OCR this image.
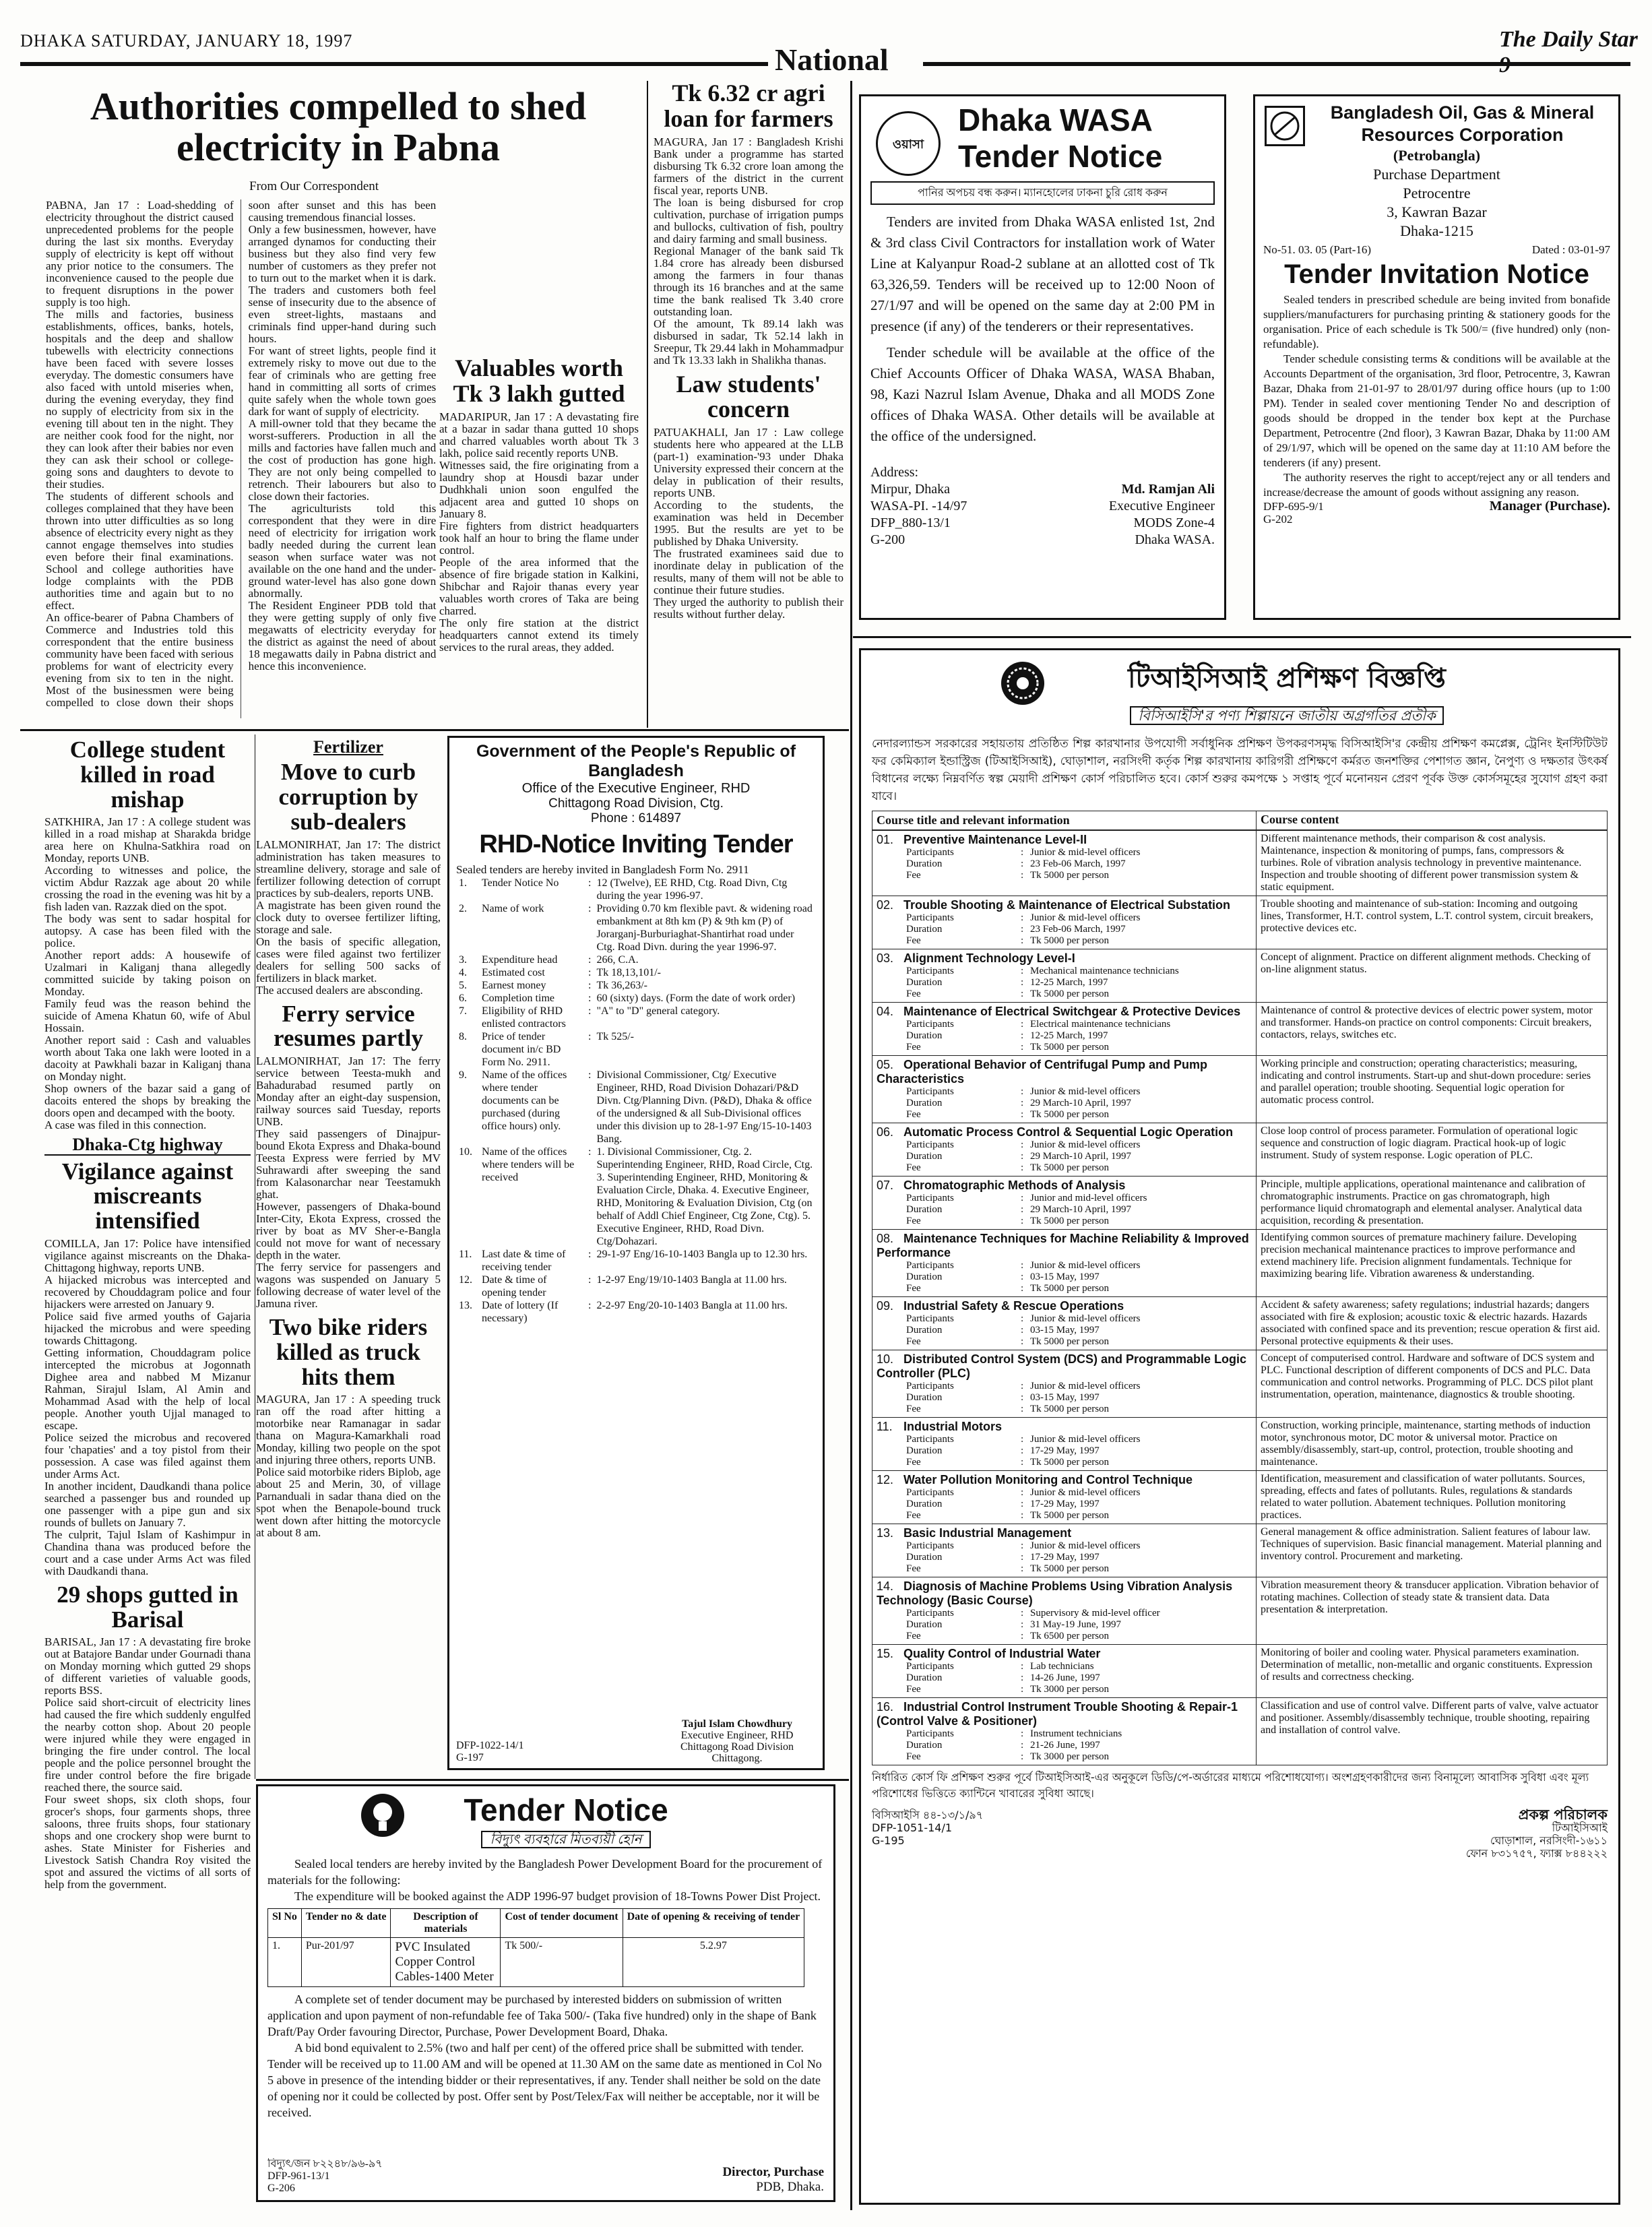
DHAKA SATURDAY, JANUARY 18, 1997
National
The Daily Star
Authorities compelled to shed electricity in Pabna
From Our Correspondent

PABNA, Jan 17 : Load-shedding of electricity throughout the district caused unprecedented problems for the people during the last six months. Everyday supply of electricity is kept off without any prior notice to the consumers. The inconvenience caused to the people due to frequent disruptions in the power supply is too high.

The mills and factories, business establishments, offices, banks, hotels, hospitals and the deep and shallow tubewells with electricity connections have been faced with severe losses everyday. The domestic consumers have also faced with untold miseries when, during the evening everyday, they find no supply of electricity from six in the evening till about ten in the night. They are neither cook food for the night, nor they can look after their babies nor even they can ask their school or college-going sons and daughters to devote to their studies.

The students of different schools and colleges complained that they have been thrown into utter difficulties as so long absence of electricity every night as they cannot engage themselves into studies even before their final examinations. School and college authorities have lodge complaints with the PDB authorities time and again but to no effect.

An office-bearer of Pabna Chambers of Commerce and Industries told this correspondent that the entire business community have been faced with serious problems for want of electricity every evening from six to ten in the night. Most of the businessmen were being compelled to close down their shops soon after sunset and this has been causing tremendous financial losses.

Only a few businessmen, however, have arranged dynamos for conducting their business but they also find very few number of customers as they prefer not to turn out to the market when it is dark. The traders and customers both feel sense of insecurity due to the absence of even street-lights, mastaans and criminals find upper-hand during such hours.

For want of street lights, people find it extremely risky to move out due to the fear of criminals who are getting free hand in committing all sorts of crimes quite safely when the whole town goes dark for want of supply of electricity.

A mill-owner told that they became the worst-sufferers. Production in all the mills and factories have fallen much and the cost of production has gone high. They are not only being compelled to retrench. Their labourers but also to close down their factories.

The agriculturists told this correspondent that they were in dire need of electricity for irrigation work badly needed during the current lean season when surface water was not available on the one hand and the under-ground water-level has also gone down abnormally.

The Resident Engineer PDB told that they were getting supply of only five megawatts of electricity everyday for the district as against the need of about 18 megawatts daily in Pabna district and hence this inconvenience.

Valuables worth Tk 3 lakh gutted

MADARIPUR, Jan 17 : A devastating fire at a bazar in sadar thana gutted 10 shops and charred valuables worth about Tk 3 lakh, police said recently reports UNB.

Witnesses said, the fire originating from a laundry shop at Housdi bazar under Dudhkhali union soon engulfed the adjacent area and gutted 10 shops on January 8.

Fire fighters from district headquarters took half an hour to bring the flame under control.

People of the area informed that the absence of fire brigade station in Kalkini, Shibchar and Rajoir thanas every year valuables worth crores of Taka are being charred.

The only fire station at the district headquarters cannot extend its timely services to the rural areas, they added.

Tk 6.32 cr agri loan for farmers

MAGURA, Jan 17 : Bangladesh Krishi Bank under a programme has started disbursing Tk 6.32 crore loan among the farmers of the district in the current fiscal year, reports UNB.

The loan is being disbursed for crop cultivation, purchase of irrigation pumps and bullocks, cultivation of fish, poultry and dairy farming and small business.

Regional Manager of the bank said Tk 1.84 crore has already been disbursed among the farmers in four thanas through its 16 branches and at the same time the bank realised Tk 3.40 crore outstanding loan.

Of the amount, Tk 89.14 lakh was disbursed in sadar, Tk 52.14 lakh in Sreepur, Tk 29.44 lakh in Mohammadpur and Tk 13.33 lakh in Shalikha thanas.

Law students' concern

PATUAKHALI, Jan 17 : Law college students here who appeared at the LLB (part-1) examination-'93 under Dhaka University expressed their concern at the delay in publication of their results, reports UNB.

According to the students, the examination was held in December 1995. But the results are yet to be published by Dhaka University.

The frustrated examinees said due to inordinate delay in publication of the results, many of them will not be able to continue their future studies.

They urged the authority to publish their results without further delay.

College student killed in road mishap

SATKHIRA, Jan 17 : A college student was killed in a road mishap at Sharakda bridge area here on Khulna-Satkhira road on Monday, reports UNB.

According to witnesses and police, the victim Abdur Razzak age about 20 while crossing the road in the evening was hit by a fish laden van. Razzak died on the spot.

The body was sent to sadar hospital for autopsy. A case has been filed with the police.

Another report adds: A housewife of Uzalmari in Kaliganj thana allegedly committed suicide by taking poison on Monday.

Family feud was the reason behind the suicide of Amena Khatun 60, wife of Abul Hossain.

Another report said : Cash and valuables worth about Taka one lakh were looted in a dacoity at Pawkhali bazar in Kaliganj thana on Monday night.

Shop owners of the bazar said a gang of dacoits entered the shops by breaking the doors open and decamped with the booty.

A case was filed in this connection.

Dhaka-Ctg highway
Vigilance against miscreants intensified

COMILLA, Jan 17: Police have intensified vigilance against miscreants on the Dhaka-Chittagong highway, reports UNB.

A hijacked microbus was intercepted and recovered by Chouddagram police and four hijackers were arrested on January 9.

Police said five armed youths of Gajaria hijacked the microbus and were speeding towards Chittagong.

Getting information, Chouddagram police intercepted the microbus at Jogonnath Dighee area and nabbed M Mizanur Rahman, Sirajul Islam, Al Amin and Mohammad Asad with the help of local people. Another youth Ujjal managed to escape.

Police seized the microbus and recovered four 'chapaties' and a toy pistol from their possession. A case was filed against them under Arms Act.

In another incident, Daudkandi thana police searched a passenger bus and rounded up one passenger with a pipe gun and six rounds of bullets on January 7.

The culprit, Tajul Islam of Kashimpur in Chandina thana was produced before the court and a case under Arms Act was filed with Daudkandi thana.

29 shops gutted in Barisal

BARISAL, Jan 17 : A devastating fire broke out at Batajore Bandar under Gournadi thana on Monday morning which gutted 29 shops of different varieties of valuable goods, reports BSS.

Police said short-circuit of electricity lines had caused the fire which suddenly engulfed the nearby cotton shop. About 20 people were injured while they were engaged in bringing the fire under control. The local people and the police personnel brought the fire under control before the fire brigade reached there, the source said.

Four sweet shops, six cloth shops, four grocer's shops, four garments shops, three saloons, three fruits shops, four stationary shops and one crockery shop were burnt to ashes. State Minister for Fisheries and Livestock Satish Chandra Roy visited the spot and assured the victims of all sorts of help from the government.

Fertilizer
Move to curb corruption by sub-dealers

LALMONIRHAT, Jan 17: The district administration has taken measures to streamline delivery, storage and sale of fertilizer following detection of corrupt practices by sub-dealers, reports UNB.

A magistrate has been given round the clock duty to oversee fertilizer lifting, storage and sale.

On the basis of specific allegation, cases were filed against two fertilizer dealers for selling 500 sacks of fertilizers in black market.

The accused dealers are absconding.

Ferry service resumes partly

LALMONIRHAT, Jan 17: The ferry service between Teesta-mukh and Bahadurabad resumed partly on Monday after an eight-day suspension, railway sources said Tuesday, reports UNB.

They said passengers of Dinajpur-bound Ekota Express and Dhaka-bound Teesta Express were ferried by MV Suhrawardi after sweeping the sand from Kalasonarchar near Teestamukh ghat.

However, passengers of Dhaka-bound Inter-City, Ekota Express, crossed the river by boat as MV Sher-e-Bangla could not move for want of necessary depth in the water.

The ferry service for passengers and wagons was suspended on January 5 following decrease of water level of the Jamuna river.

Two bike riders killed as truck hits them

MAGURA, Jan 17 : A speeding truck ran off the road after hitting a motorbike near Ramanagar in sadar thana on Magura-Kamarkhali road Monday, killing two people on the spot and injuring three others, reports UNB.

Police said motorbike riders Biplob, age about 25 and Merin, 30, of village Parnanduali in sadar thana died on the spot when the Benapole-bound truck went down after hitting the motorcycle at about 8 am.

Government of the People's Republic of Bangladesh
Office of the Executive Engineer, RHD
Chittagong Road Division, Ctg.
Phone : 614897
RHD-Notice Inviting Tender
Sealed tenders are hereby invited in Bangladesh Form No. 2911
1.	Tender Notice No	:	12 (Twelve), EE RHD, Ctg. Road Divn, Ctg during the year 1996-97.
2.	Name of work	:	Providing 0.70 km flexible pavt. & widening road embankment at 8th km (P) & 9th km (P) of Jorarganj-Burburiaghat-Shantirhat road under Ctg. Road Divn. during the year 1996-97.
3.	Expenditure head	:	266, C.A.
4.	Estimated cost	:	Tk 18,13,101/-
5.	Earnest money	:	Tk 36,263/-
6.	Completion time	:	60 (sixty) days. (Form the date of work order)
7.	Eligibility of RHD enlisted contractors	:	"A" to "D" general category.
8.	Price of tender document in/c BD Form No. 2911.	:	Tk 525/-
9.	Name of the offices where tender documents can be purchased (during office hours) only.	:	Divisional Commissioner, Ctg/ Executive Engineer, RHD, Road Division Dohazari/P&D Divn. Ctg/Planning Divn. (P&D), Dhaka & office of the undersigned & all Sub-Divisional offices under this division up to 28-1-97 Eng/15-10-1403 Bang.
10.	Name of the offices where tenders will be received	:	1. Divisional Commissioner, Ctg. 2. Superintending Engineer, RHD, Road Circle, Ctg. 3. Superintending Engineer, RHD, Monitoring & Evaluation Circle, Dhaka. 4. Executive Engineer, RHD, Monitoring & Evaluation Division, Ctg (on behalf of Addl Chief Engineer, Ctg Zone, Ctg). 5. Executive Engineer, RHD, Road Divn. Ctg/Dohazari.
11.	Last date & time of receiving tender	:	29-1-97 Eng/16-10-1403 Bangla up to 12.30 hrs.
12.	Date & time of opening tender	:	1-2-97 Eng/19/10-1403 Bangla at 11.00 hrs.
13.	Date of lottery (If necessary)	:	2-2-97 Eng/20-10-1403 Bangla at 11.00 hrs.
DFP-1022-14/1
G-197
Tajul Islam Chowdhury
Executive Engineer, RHD
Chittagong Road Division
Chittagong.
Tender Notice
বিদ্যুৎ ব্যবহারে মিতব্যয়ী হোন
Sealed local tenders are hereby invited by the Bangladesh Power Development Board for the procurement of materials for the following:
The expenditure will be booked against the ADP 1996-97 budget provision of 18-Towns Power Dist Project.
Sl No	Tender no & date	Description of materials	Cost of tender document	Date of opening & receiving of tender
1.	Pur-201/97	PVC Insulated Copper Control Cables-1400 Meter	Tk 500/-	5.2.97
A complete set of tender document may be purchased by interested bidders on submission of written application and upon payment of non-refundable fee of Taka 500/- (Taka five hundred) only in the shape of Bank Draft/Pay Order favouring Director, Purchase, Power Development Board, Dhaka.
A bid bond equivalent to 2.5% (two and half per cent) of the offered price shall be submitted with tender. Tender will be received up to 11.00 AM and will be opened at 11.30 AM on the same date as mentioned in Col No 5 above in presence of the intending bidder or their representatives, if any. Tender shall neither be sold on the date of opening nor it could be collected by post. Offer sent by Post/Telex/Fax will neither be acceptable, nor it will be received.
বিদ্যুৎ/জন ৮২২৪৮/৯৬-৯৭
DFP-961-13/1
G-206
Director, Purchase
PDB, Dhaka.
ওয়াসা
Dhaka WASA
Tender Notice
পানির অপচয় বন্ধ করুন। ম্যানহোলের ঢাকনা চুরি রোধ করুন
Tenders are invited from Dhaka WASA enlisted 1st, 2nd & 3rd class Civil Contractors for installation work of Water Line at Kalyanpur Road-2 sublane at an allotted cost of Tk 63,326,59. Tenders will be received up to 12:00 Noon of 27/1/97 and will be opened on the same day at 2:00 PM in presence (if any) of the tenderers or their representatives.
Tender schedule will be available at the office of the Chief Accounts Officer of Dhaka WASA, WASA Bhaban, 98, Kazi Nazrul Islam Avenue, Dhaka and all MODS Zone offices of Dhaka WASA. Other details will be available at the office of the undersigned.
Address:
Mirpur, Dhaka
WASA-PI. -14/97
DFP_880-13/1
G-200
Md. Ramjan Ali
Executive Engineer
MODS Zone-4
Dhaka WASA.
Bangladesh Oil, Gas & Mineral Resources Corporation
(Petrobangla)
Purchase Department
Petrocentre
3, Kawran Bazar
Dhaka-1215
No-51. 03. 05 (Part-16)	Dated : 03-01-97
Tender Invitation Notice
Sealed tenders in prescribed schedule are being invited from bonafide suppliers/manufacturers for purchasing printing & stationery goods for the organisation. Price of each schedule is Tk 500/= (five hundred) only (non-refundable).
Tender schedule consisting terms & conditions will be available at the Accounts Department of the organisation, 3rd floor, Petrocentre, 3, Kawran Bazar, Dhaka from 21-01-97 to 28/01/97 during office hours (up to 1:00 PM). Tender in sealed cover mentioning Tender No and description of goods should be dropped in the tender box kept at the Purchase Department, Petrocentre (2nd floor), 3 Kawran Bazar, Dhaka by 11:00 AM of 29/1/97, which will be opened on the same day at 11:10 AM before the tenderers (if any) present.
The authority reserves the right to accept/reject any or all tenders and increase/decrease the amount of goods without assigning any reason.
DFP-695-9/1
G-202
Manager (Purchase).
টিআইসিআই প্রশিক্ষণ বিজ্ঞপ্তি
বিসিআইসি'র পণ্য শিল্পায়নে জাতীয় অগ্রগতির প্রতীক
নেদারল্যান্ডস সরকারের সহায়তায় প্রতিষ্ঠিত শিল্প কারখানার উপযোগী সর্বাধুনিক প্রশিক্ষণ উপকরণসমৃদ্ধ বিসিআইসি'র কেন্দ্রীয় প্রশিক্ষণ কমপ্লেক্স, ট্রেনিং ইনস্টিটিউট ফর কেমিক্যাল ইন্ডাস্ট্রিজ (টিআইসিআই), ঘোড়াশাল, নরসিংদী কর্তৃক শিল্প কারখানায় কারিগরী প্রশিক্ষণে কর্মরত জনশক্তির পেশাগত জ্ঞান, নৈপুণ্য ও দক্ষতার উৎকর্ষ বিধানের লক্ষ্যে নিম্নবর্ণিত স্বল্প মেয়াদী প্রশিক্ষণ কোর্স পরিচালিত হবে। কোর্স শুরুর কমপক্ষে ১ সপ্তাহ পূর্বে মনোনয়ন প্রেরণ পূর্বক উক্ত কোর্সসমূহের সুযোগ গ্রহণ করা যাবে।
Course title and relevant information	Course content
01. Preventive Maintenance Level-II
Participants	: Junior & mid-level officers
Duration	: 23 Feb-06 March, 1997
Fee	: Tk 5000 per person
Different maintenance methods, their comparison & cost analysis. Maintenance, inspection & monitoring of pumps, fans, compressors & turbines. Role of vibration analysis technology in preventive maintenance. Inspection and trouble shooting of different power transmission system & static equipment.
02. Trouble Shooting & Maintenance of Electrical Substation
Participants	: Junior & mid-level officers
Duration	: 23 Feb-06 March, 1997
Fee	: Tk 5000 per person
Trouble shooting and maintenance of sub-station: Incoming and outgoing lines, Transformer, H.T. control system, L.T. control system, circuit breakers, protective devices etc.
03. Alignment Technology Level-I
Participants	: Mechanical maintenance technicians
Duration	: 12-25 March, 1997
Fee	: Tk 5000 per person
Concept of alignment. Practice on different alignment methods. Checking of on-line alignment status.
04. Maintenance of Electrical Switchgear & Protective Devices
Participants	: Electrical maintenance technicians
Duration	: 12-25 March, 1997
Fee	: Tk 5000 per person
Maintenance of control & protective devices of electric power system, motor and transformer. Hands-on practice on control components: Circuit breakers, contactors, relays, switches etc.
05. Operational Behavior of Centrifugal Pump and Pump Characteristics
Participants	: Junior & mid-level officers
Duration	: 29 March-10 April, 1997
Fee	: Tk 5000 per person
Working principle and construction; operating characteristics; measuring, indicating and control instruments. Start-up and shut-down procedure: series and parallel operation; trouble shooting. Sequential logic operation for automatic process control.
06. Automatic Process Control & Sequential Logic Operation
Participants	: Junior & mid-level officers
Duration	: 29 March-10 April, 1997
Fee	: Tk 5000 per person
Close loop control of process parameter. Formulation of operational logic sequence and construction of logic diagram. Practical hook-up of logic instrument. Study of system response. Logic operation of PLC.
07. Chromatographic Methods of Analysis
Participants	: Junior and mid-level officers
Duration	: 29 March-10 April, 1997
Fee	: Tk 5000 per person
Principle, multiple applications, operational maintenance and calibration of chromatographic instruments. Practice on gas chromatograph, high performance liquid chromatograph and elemental analyser. Analytical data acquisition, recording & presentation.
08. Maintenance Techniques for Machine Reliability & Improved Performance
Participants	: Junior & mid-level officers
Duration	: 03-15 May, 1997
Fee	: Tk 5000 per person
Identifying common sources of premature machinery failure. Developing precision mechanical maintenance practices to improve performance and extend machinery life. Precision alignment fundamentals. Technique for maximizing bearing life. Vibration awareness & understanding.
09. Industrial Safety & Rescue Operations
Participants	: Junior & mid-level officers
Duration	: 03-15 May, 1997
Fee	: Tk 5000 per person
Accident & safety awareness; safety regulations; industrial hazards; dangers associated with fire & explosion; acoustic toxic & electric hazards. Hazards associated with confined space and its prevention; rescue operation & first aid. Personal protective equipments & their uses.
10. Distributed Control System (DCS) and Programmable Logic Controller (PLC)
Participants	: Junior & mid-level officers
Duration	: 03-15 May, 1997
Fee	: Tk 5000 per person
Concept of computerised control. Hardware and software of DCS system and PLC. Functional description of different components of DCS and PLC. Data communication and control networks. Programming of PLC. DCS pilot plant instrumentation, operation, maintenance, diagnostics & trouble shooting.
11. Industrial Motors
Participants	: Junior & mid-level officers
Duration	: 17-29 May, 1997
Fee	: Tk 5000 per person
Construction, working principle, maintenance, starting methods of induction motor, synchronous motor, DC motor & universal motor. Practice on assembly/disassembly, start-up, control, protection, trouble shooting and maintenance.
12. Water Pollution Monitoring and Control Technique
Participants	: Junior & mid-level officers
Duration	: 17-29 May, 1997
Fee	: Tk 5000 per person
Identification, measurement and classification of water pollutants. Sources, spreading, effects and fates of pollutants. Rules, regulations & standards related to water pollution. Abatement techniques. Pollution monitoring practices.
13. Basic Industrial Management
Participants	: Junior & mid-level officers
Duration	: 17-29 May, 1997
Fee	: Tk 5000 per person
General management & office administration. Salient features of labour law. Techniques of supervision. Basic financial management. Material planning and inventory control. Procurement and marketing.
14. Diagnosis of Machine Problems Using Vibration Analysis Technology (Basic Course)
Participants	: Supervisory & mid-level officer
Duration	: 31 May-19 June, 1997
Fee	: Tk 6500 per person
Vibration measurement theory & transducer application. Vibration behavior of rotating machines. Collection of steady state & transient data. Data presentation & interpretation.
15. Quality Control of Industrial Water
Participants	: Lab technicians
Duration	: 14-26 June, 1997
Fee	: Tk 3000 per person
Monitoring of boiler and cooling water. Physical parameters examination. Determination of metallic, non-metallic and organic constituents. Expression of results and correctness checking.
16. Industrial Control Instrument Trouble Shooting & Repair-1 (Control Valve & Positioner)
Participants	: Instrument technicians
Duration	: 21-26 June, 1997
Fee	: Tk 3000 per person
Classification and use of control valve. Different parts of valve, valve actuator and positioner. Assembly/disassembly technique, trouble shooting, repairing and installation of control valve.
নির্ধারিত কোর্স ফি প্রশিক্ষণ শুরুর পূর্বে টিআইসিআই-এর অনুকূলে ডিডি/পে-অর্ডারের মাধ্যমে পরিশোধযোগ্য। অংশগ্রহণকারীদের জন্য বিনামূল্যে আবাসিক সুবিধা এবং মূল্য পরিশোধের ভিত্তিতে ক্যান্টিনে খাবারের সুবিধা আছে।
বিসিআইসি ৪৪-১৩/১/৯৭
DFP-1051-14/1
G-195
প্রকল্প পরিচালক
টিআইসিআই
ঘোড়াশাল, নরসিংদী-১৬১১
ফোন ৮৩১৭৫৭, ফ্যাক্স ৮৪৪২২২
